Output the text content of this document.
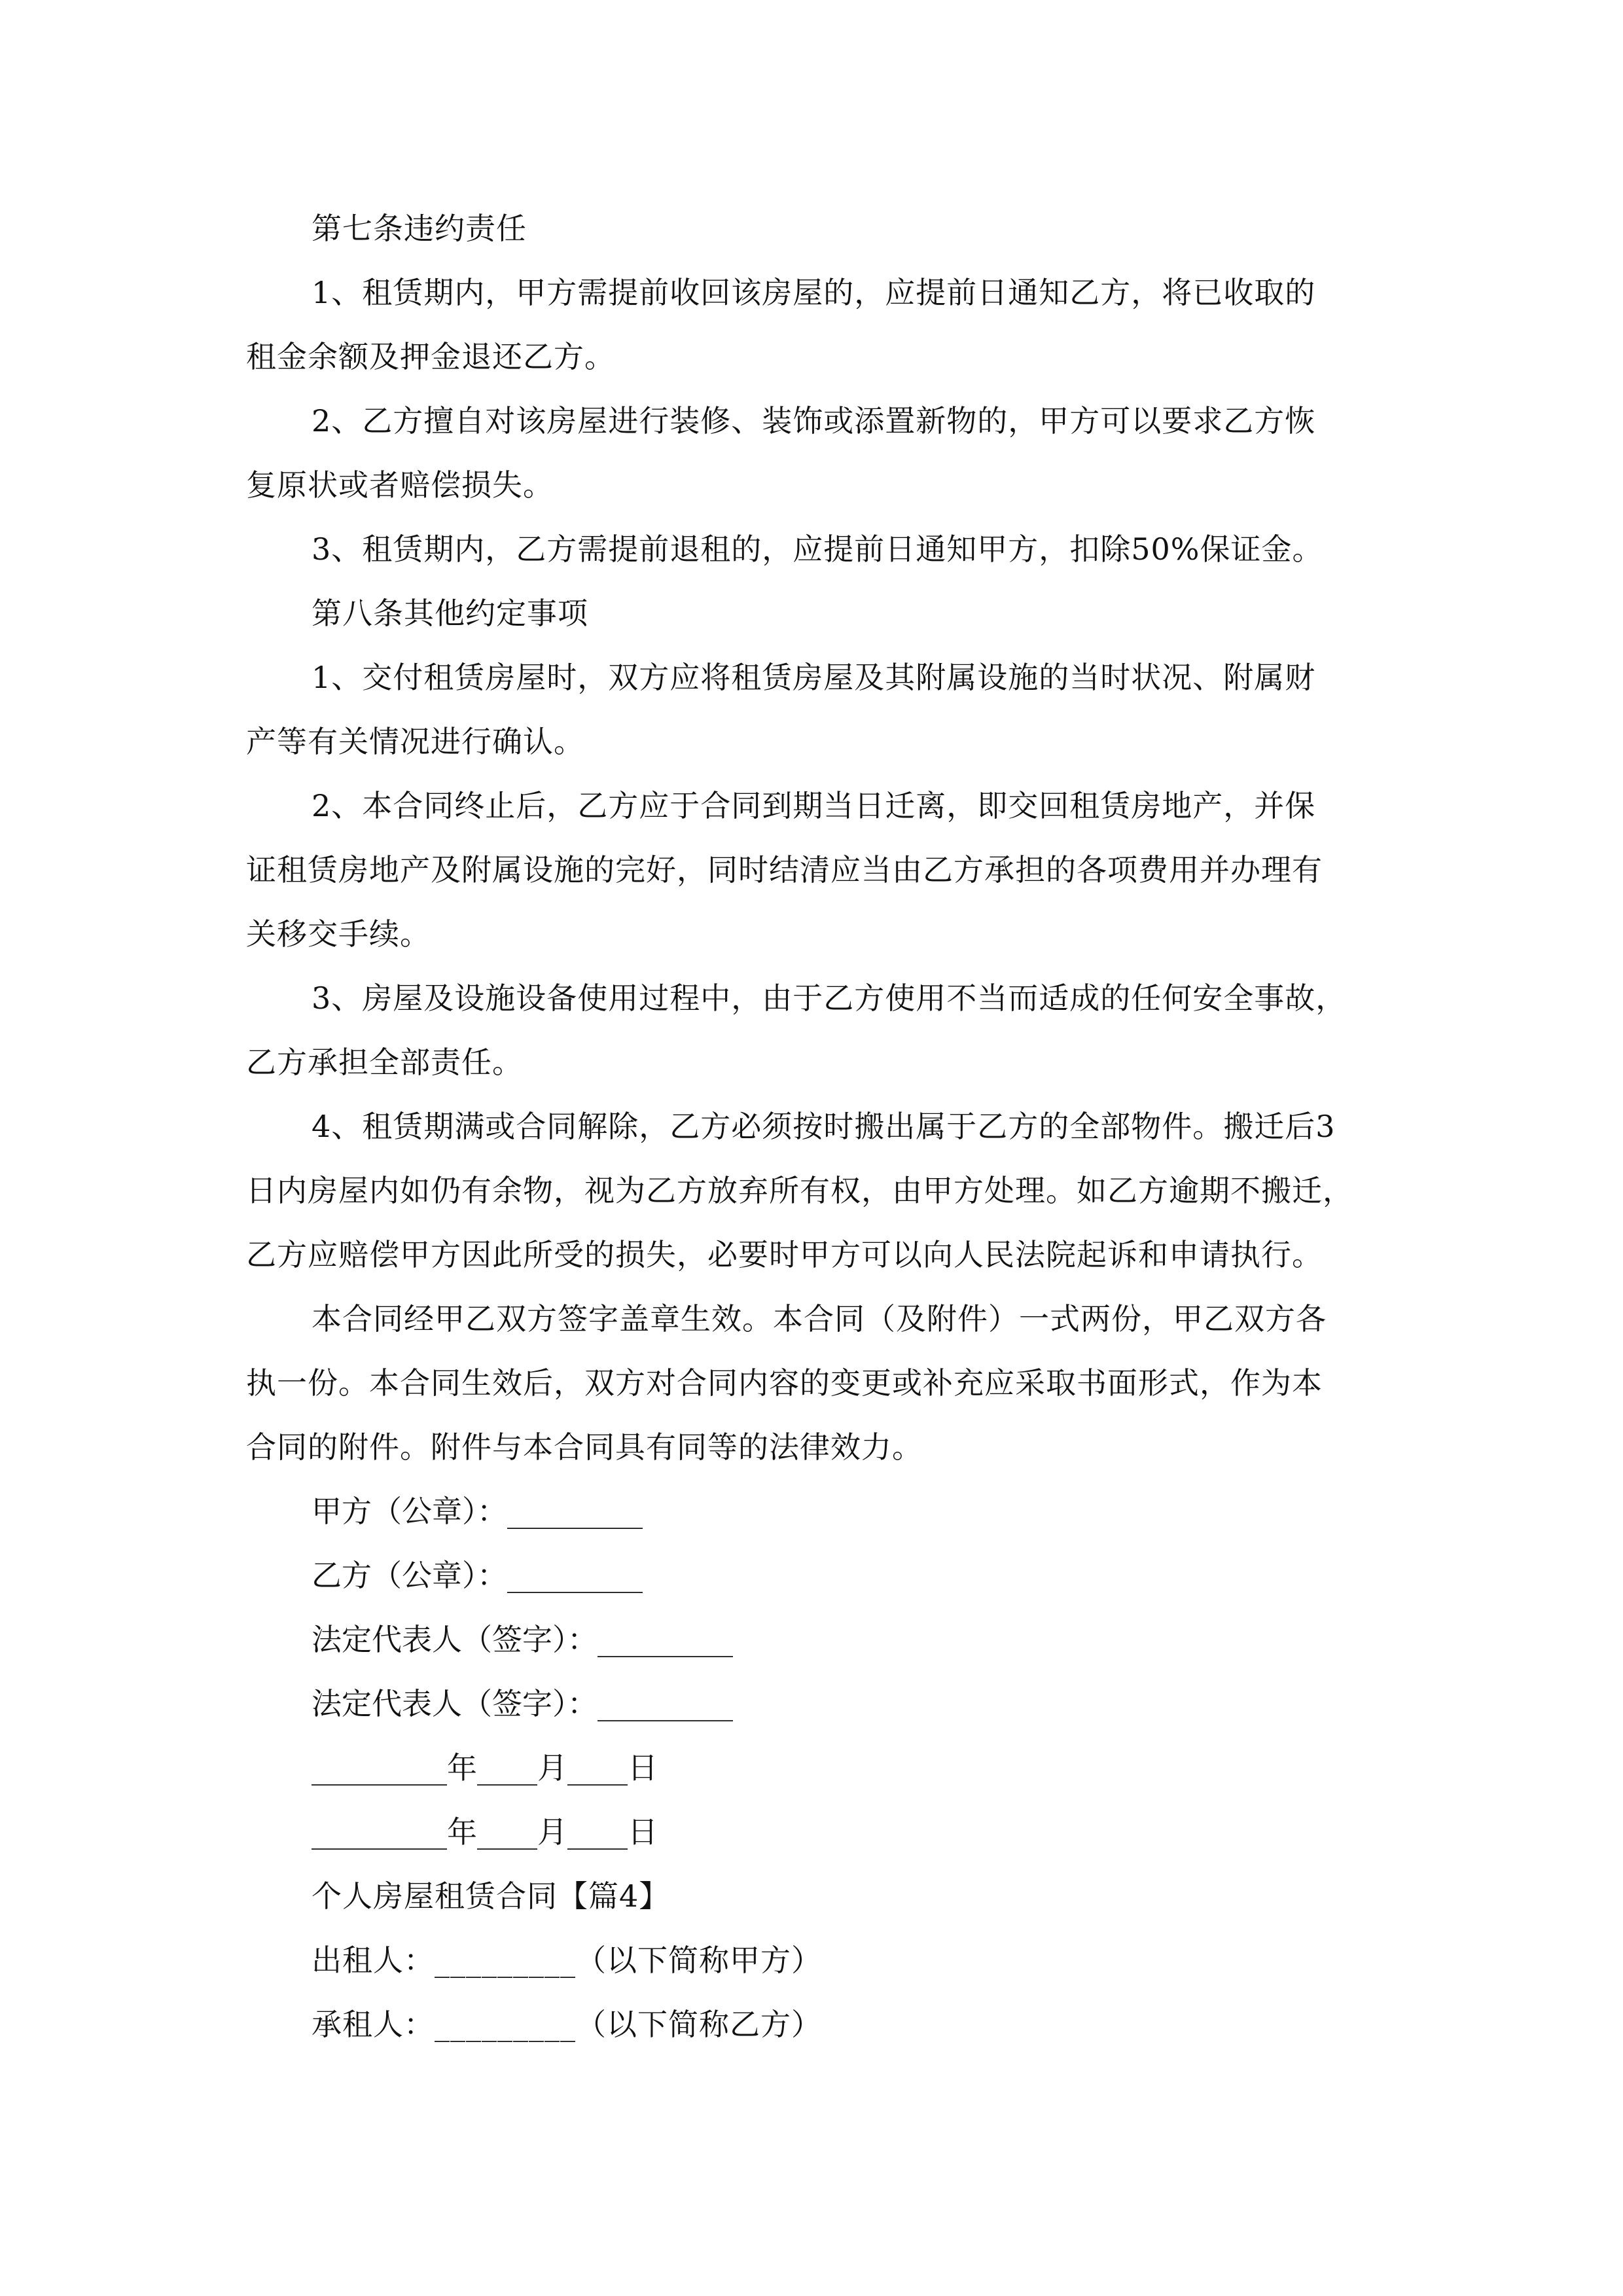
第七条违约责任
1、租赁期内，甲方需提前收回该房屋的，应提前日通知乙方，将已收取的
租金余额及押金退还乙方。
2、乙方擅自对该房屋进行装修、装饰或添置新物的，甲方可以要求乙方恢
复原状或者赔偿损失。
3、租赁期内，乙方需提前退租的，应提前日通知甲方，扣除50%保证金。
第八条其他约定事项
1、交付租赁房屋时，双方应将租赁房屋及其附属设施的当时状况、附属财
产等有关情况进行确认。
2、本合同终止后，乙方应于合同到期当日迁离，即交回租赁房地产，并保
证租赁房地产及附属设施的完好，同时结清应当由乙方承担的各项费用并办理有
关移交手续。
3、房屋及设施设备使用过程中，由于乙方使用不当而适成的任何安全事故，
乙方承担全部责任。
4、租赁期满或合同解除，乙方必须按时搬出属于乙方的全部物件。搬迁后3
日内房屋内如仍有余物，视为乙方放弃所有权，由甲方处理。如乙方逾期不搬迁，
乙方应赔偿甲方因此所受的损失，必要时甲方可以向人民法院起诉和申请执行。
本合同经甲乙双方签字盖章生效。本合同（及附件）一式两份，甲乙双方各
执一份。本合同生效后，双方对合同内容的变更或补充应采取书面形式，作为本
合同的附件。附件与本合同具有同等的法律效力。
甲方（公章）：_________
乙方（公章）：_________
法定代表人（签字）：_________
法定代表人（签字）：_________
_________年____月____日
_________年____月____日
个人房屋租赁合同【篇4】
出租人：_________（以下简称甲方）
承租人：_________（以下简称乙方）
